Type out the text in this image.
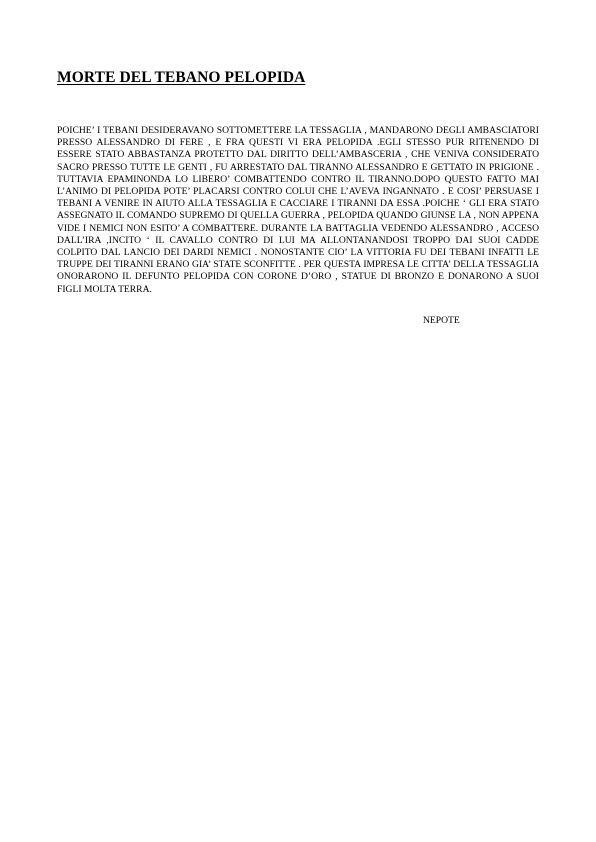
MORTE DEL TEBANO PELOPIDA

POICHE’ I TEBANI DESIDERAVANO SOTTOMETTERE LA TESSAGLIA , MANDARONO DEGLI AMBASCIATORI PRESSO ALESSANDRO DI FERE , E FRA QUESTI VI ERA PELOPIDA .EGLI STESSO PUR RITENENDO DI ESSERE STATO ABBASTANZA PROTETTO DAL DIRITTO DELL’AMBASCERIA , CHE VENIVA CONSIDERATO SACRO PRESSO TUTTE LE GENTI , FU ARRESTATO DAL TIRANNO ALESSANDRO E GETTATO IN PRIGIONE . TUTTAVIA EPAMINONDA LO LIBERO’ COMBATTENDO CONTRO IL TIRANNO.DOPO QUESTO FATTO MAI L’ANIMO DI PELOPIDA POTE’ PLACARSI CONTRO COLUI CHE L’AVEVA INGANNATO . E COSI’ PERSUASE I TEBANI A VENIRE IN AIUTO ALLA TESSAGLIA E CACCIARE I TIRANNI DA ESSA .POICHE ‘ GLI ERA STATO ASSEGNATO IL COMANDO SUPREMO DI QUELLA GUERRA , PELOPIDA QUANDO GIUNSE LA , NON APPENA VIDE I NEMICI NON ESITO’ A COMBATTERE. DURANTE LA BATTAGLIA VEDENDO ALESSANDRO , ACCESO DALL’IRA ,INCITO ‘ IL CAVALLO CONTRO DI LUI MA ALLONTANANDOSI TROPPO DAI SUOI CADDE COLPITO DAL LANCIO DEI DARDI NEMICI . NONOSTANTE CIO’ LA VITTORIA FU DEI TEBANI INFATTI LE TRUPPE DEI TIRANNI ERANO GIA’ STATE SCONFITTE . PER QUESTA IMPRESA LE CITTA’ DELLA TESSAGLIA ONORARONO IL DEFUNTO PELOPIDA CON CORONE D’ORO , STATUE DI BRONZO E DONARONO A SUOI FIGLI MOLTA TERRA.

NEPOTE
